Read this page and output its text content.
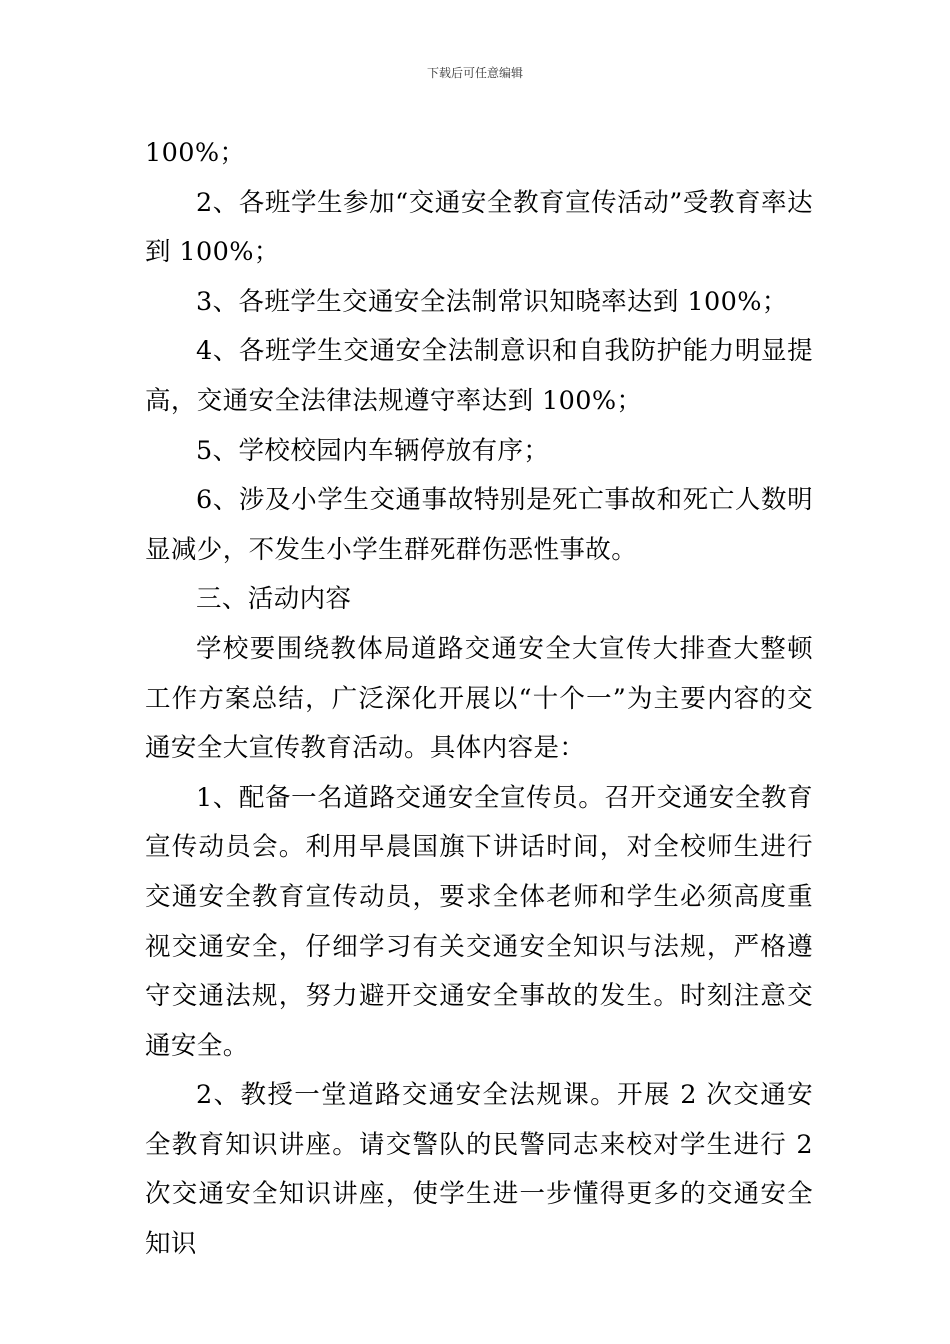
下载后可任意编辑

100%；

2、各班学生参加“交通安全教育宣传活动”受教育率达到 100%；

3、各班学生交通安全法制常识知晓率达到 100%；

4、各班学生交通安全法制意识和自我防护能力明显提高，交通安全法律法规遵守率达到 100%；

5、学校校园内车辆停放有序；

6、涉及小学生交通事故特别是死亡事故和死亡人数明显减少，不发生小学生群死群伤恶性事故。

三、活动内容

学校要围绕教体局道路交通安全大宣传大排查大整顿工作方案总结，广泛深化开展以“十个一”为主要内容的交通安全大宣传教育活动。具体内容是：

1、配备一名道路交通安全宣传员。召开交通安全教育宣传动员会。利用早晨国旗下讲话时间，对全校师生进行交通安全教育宣传动员，要求全体老师和学生必须高度重视交通安全，仔细学习有关交通安全知识与法规，严格遵守交通法规，努力避开交通安全事故的发生。时刻注意交通安全。

2、教授一堂道路交通安全法规课。开展 2 次交通安全教育知识讲座。请交警队的民警同志来校对学生进行 2 次交通安全知识讲座，使学生进一步懂得更多的交通安全知识
